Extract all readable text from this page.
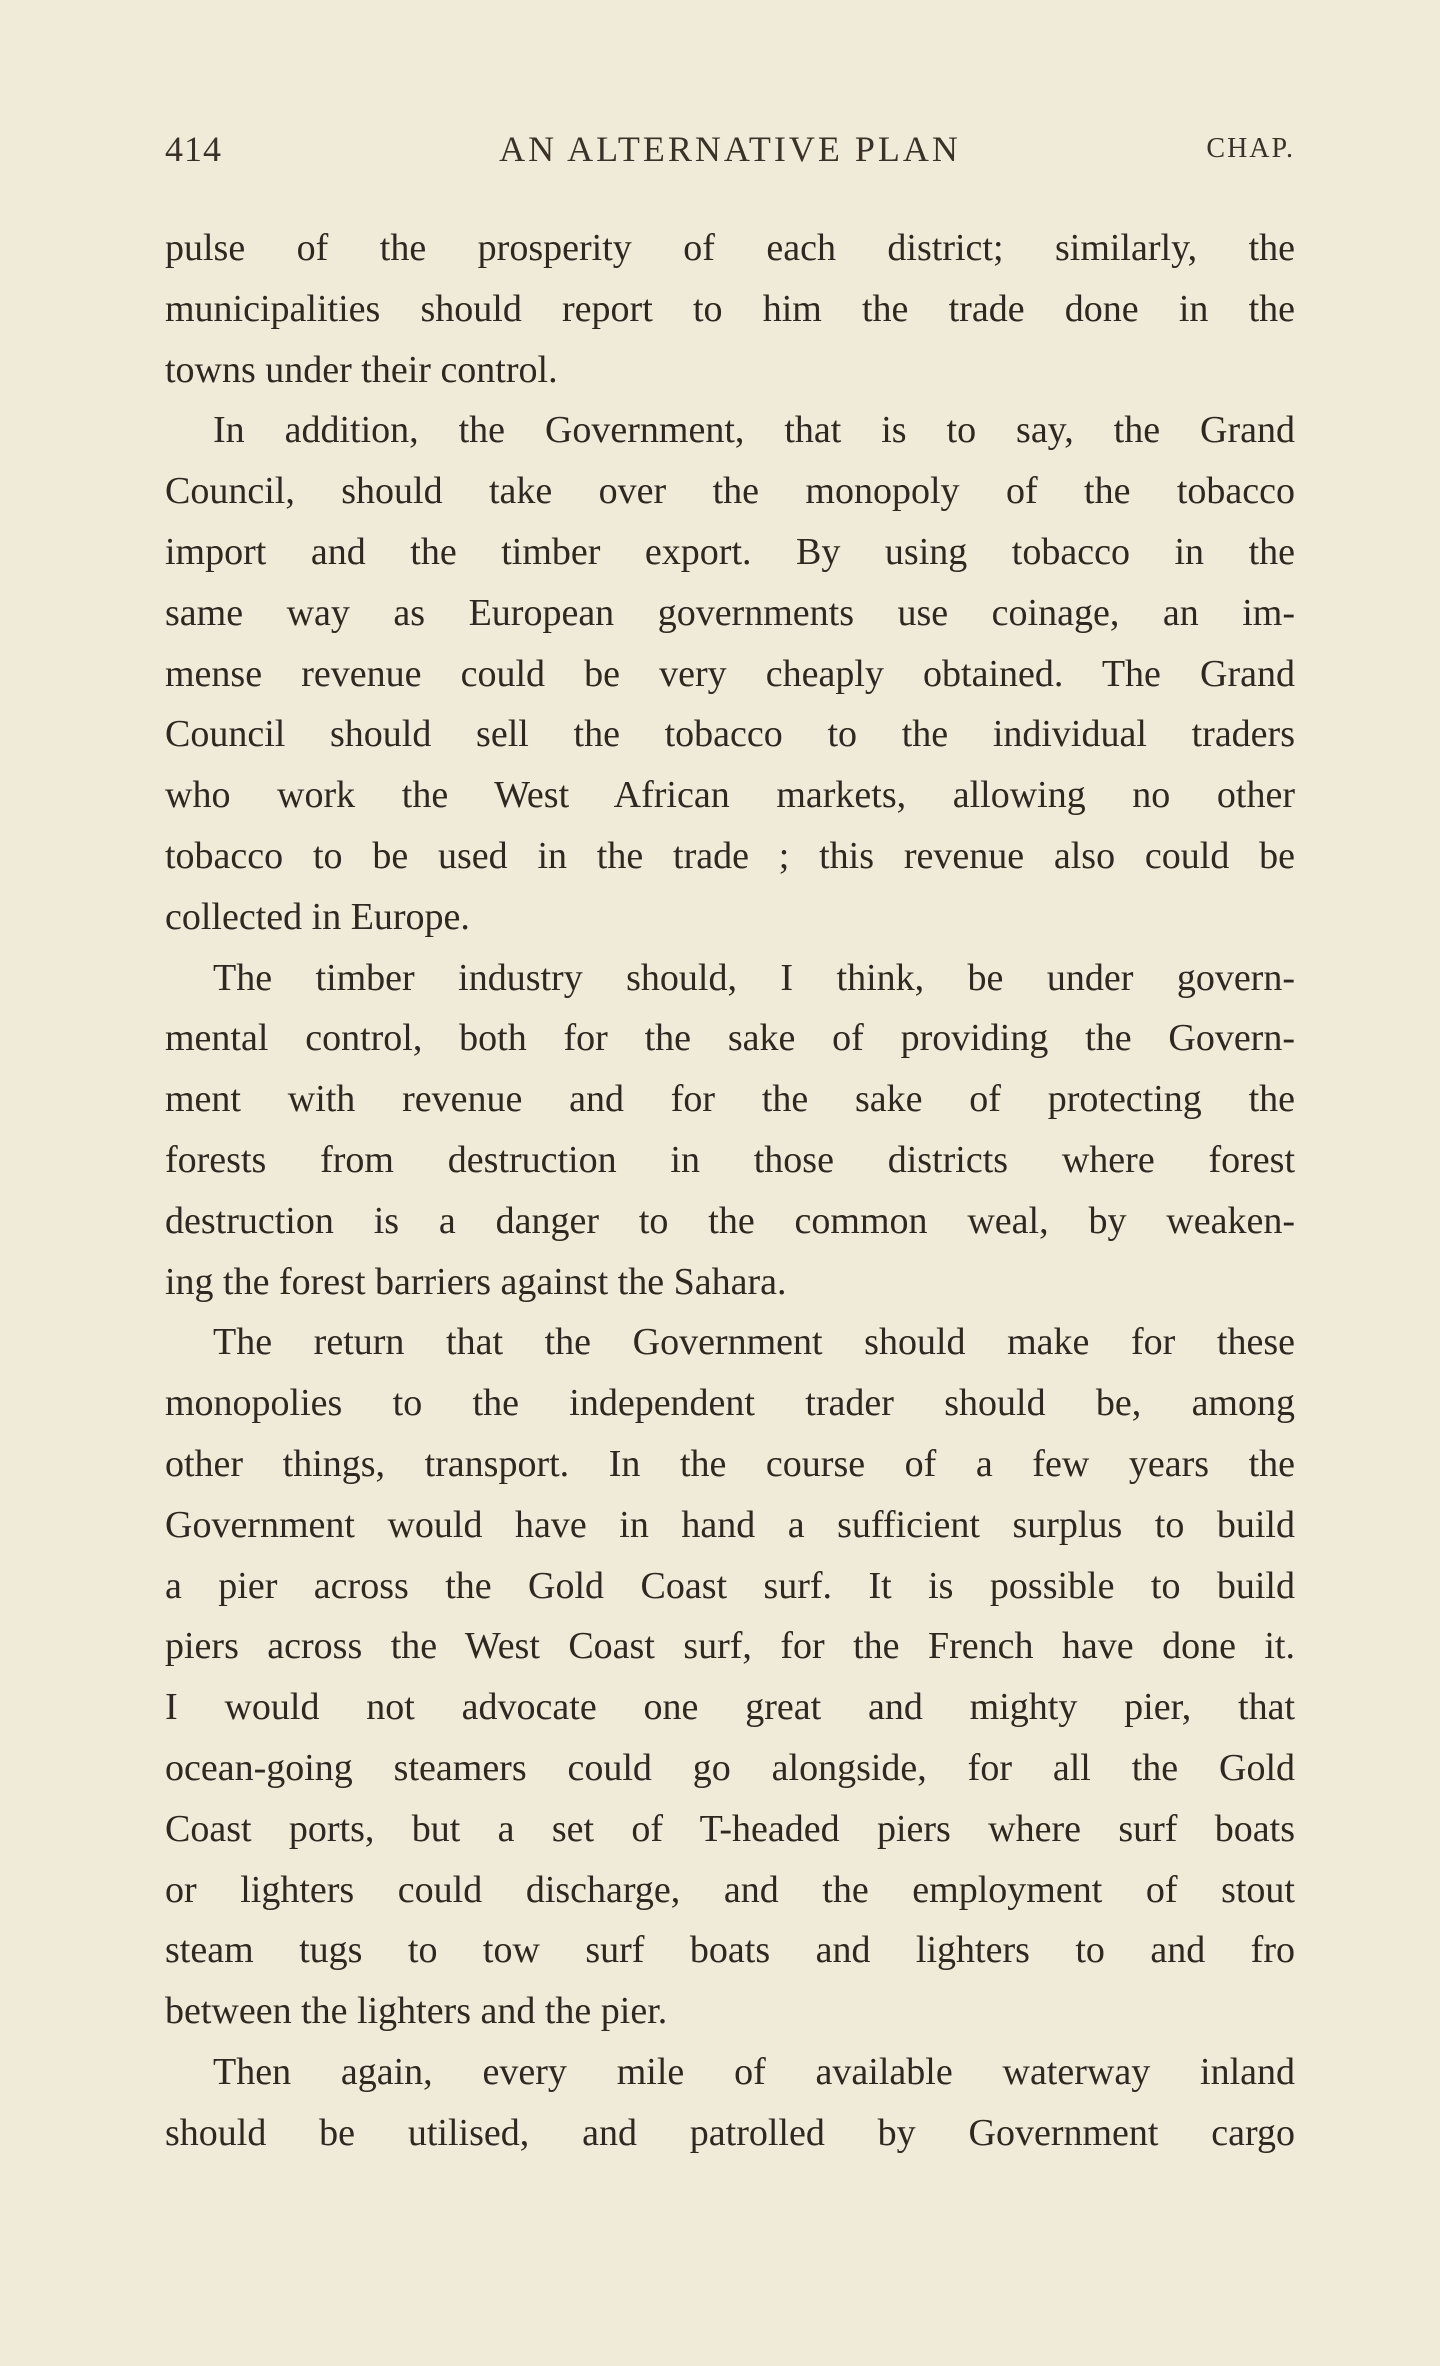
414	AN ALTERNATIVE PLAN	CHAP.
pulse of the prosperity of each district; similarly, the
municipalities should report to him the trade done in the
towns under their control.
In addition, the Government, that is to say, the Grand
Council, should take over the monopoly of the tobacco
import and the timber export. By using tobacco in the
same way as European governments use coinage, an im-
mense revenue could be very cheaply obtained. The Grand
Council should sell the tobacco to the individual traders
who work the West African markets, allowing no other
tobacco to be used in the trade ; this revenue also could be
collected in Europe.
The timber industry should, I think, be under govern-
mental control, both for the sake of providing the Govern-
ment with revenue and for the sake of protecting the
forests from destruction in those districts where forest
destruction is a danger to the common weal, by weaken-
ing the forest barriers against the Sahara.
The return that the Government should make for these
monopolies to the independent trader should be, among
other things, transport. In the course of a few years the
Government would have in hand a sufficient surplus to build
a pier across the Gold Coast surf. It is possible to build
piers across the West Coast surf, for the French have done it.
I would not advocate one great and mighty pier, that
ocean-going steamers could go alongside, for all the Gold
Coast ports, but a set of T-headed piers where surf boats
or lighters could discharge, and the employment of stout
steam tugs to tow surf boats and lighters to and fro
between the lighters and the pier.
Then again, every mile of available waterway inland
should be utilised, and patrolled by Government cargo
